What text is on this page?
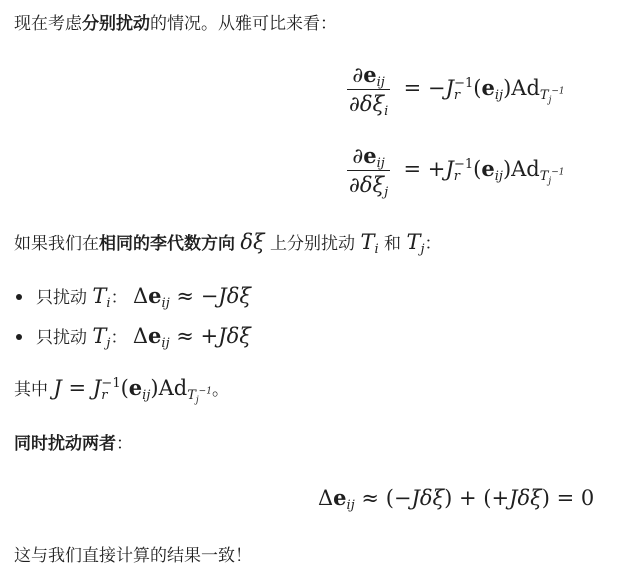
现在考虑分别扰动的情况。从雅可比来看：
$\frac{\partial e_{ij}}{\partial\delta\xi_i} = -J_r^{-1}(e_{ij})Ad_{T_j^{-1}}$
$\frac{\partial e_{ij}}{\partial\delta\xi_j} = +J_r^{-1}(e_{ij})Ad_{T_j^{-1}}$
如果我们在相同的李代数方向 δξ 上分别扰动 $T_i$ 和 $T_j$：
只扰动 $T_i$： $\Delta e_{ij} \approx -J\delta\xi$
只扰动 $T_j$： $\Delta e_{ij} \approx +J\delta\xi$
其中 $J = J_r^{-1}(e_{ij})Ad_{T_j^{-1}}$。
同时扰动两者：
$\Delta e_{ij} \approx (-J\delta\xi) + (+J\delta\xi) = 0$
这与我们直接计算的结果一致！
